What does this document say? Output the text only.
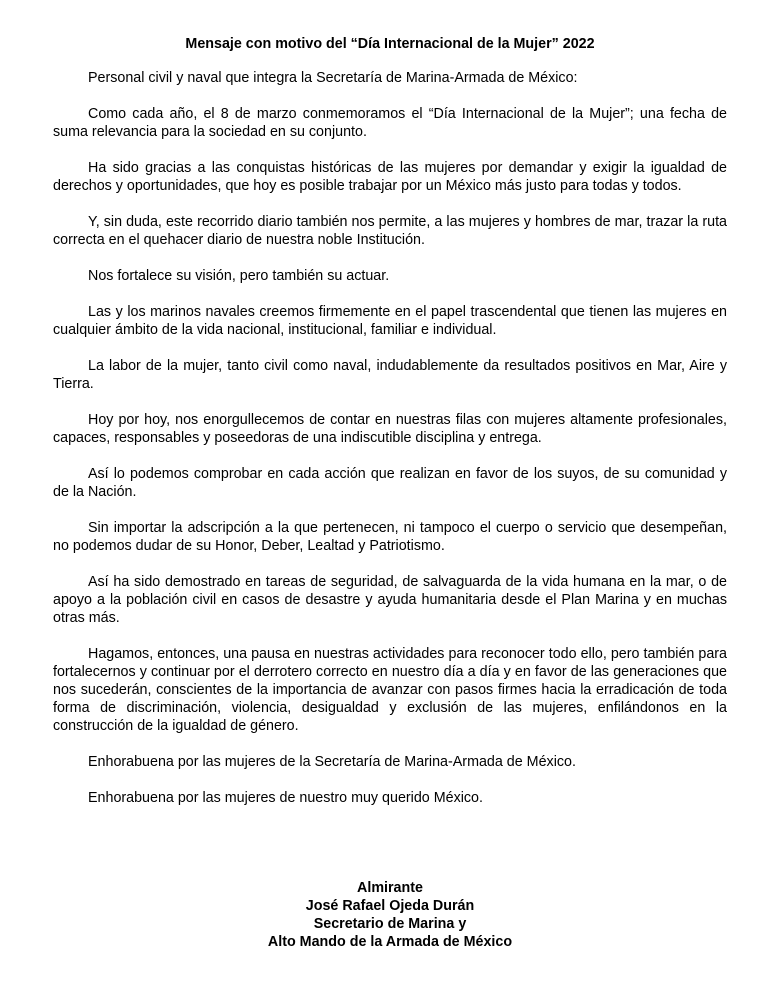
Mensaje con motivo del “Día Internacional de la Mujer” 2022

Personal civil y naval que integra la Secretaría de Marina-Armada de México:

Como cada año, el 8 de marzo conmemoramos el “Día Internacional de la Mujer”; una fecha de suma relevancia para la sociedad en su conjunto.

Ha sido gracias a las conquistas históricas de las mujeres por demandar y exigir la igualdad de derechos y oportunidades, que hoy es posible trabajar por un México más justo para todas y todos.

Y, sin duda, este recorrido diario también nos permite, a las mujeres y hombres de mar, trazar la ruta correcta en el quehacer diario de nuestra noble Institución.

Nos fortalece su visión, pero también su actuar.

Las y los marinos navales creemos firmemente en el papel trascendental que tienen las mujeres en cualquier ámbito de la vida nacional, institucional, familiar e individual.

La labor de la mujer, tanto civil como naval, indudablemente da resultados positivos en Mar, Aire y Tierra.

Hoy por hoy, nos enorgullecemos de contar en nuestras filas con mujeres altamente profesionales, capaces, responsables y poseedoras de una indiscutible disciplina y entrega.

Así lo podemos comprobar en cada acción que realizan en favor de los suyos, de su comunidad y de la Nación.

Sin importar la adscripción a la que pertenecen, ni tampoco el cuerpo o servicio que desempeñan, no podemos dudar de su Honor, Deber, Lealtad y Patriotismo.

Así ha sido demostrado en tareas de seguridad, de salvaguarda de la vida humana en la mar, o de apoyo a la población civil en casos de desastre y ayuda humanitaria desde el Plan Marina y en muchas otras más.

Hagamos, entonces, una pausa en nuestras actividades para reconocer todo ello, pero también para fortalecernos y continuar por el derrotero correcto en nuestro día a día y en favor de las generaciones que nos sucederán, conscientes de la importancia de avanzar con pasos firmes hacia la erradicación de toda forma de discriminación, violencia, desigualdad y exclusión de las mujeres, enfilándonos en la construcción de la igualdad de género.

Enhorabuena por las mujeres de la Secretaría de Marina-Armada de México.

Enhorabuena por las mujeres de nuestro muy querido México.

Almirante
José Rafael Ojeda Durán
Secretario de Marina y
Alto Mando de la Armada de México
